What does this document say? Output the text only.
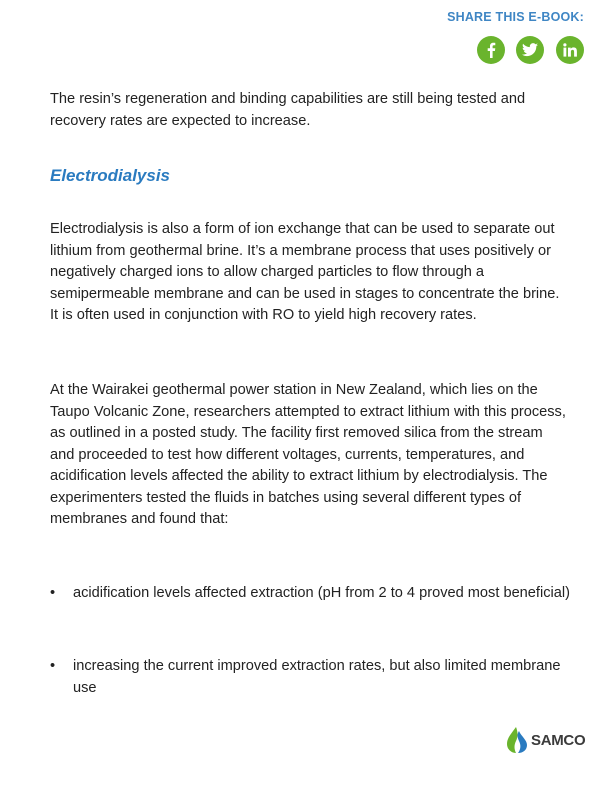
SHARE THIS E-BOOK:

The resin’s regeneration and binding capabilities are still being tested and recovery rates are expected to increase.

Electrodialysis

Electrodialysis is also a form of ion exchange that can be used to separate out lithium from geothermal brine. It’s a membrane process that uses positively or negatively charged ions to allow charged particles to flow through a semipermeable membrane and can be used in stages to concentrate the brine. It is often used in conjunction with RO to yield high recovery rates.

At the Wairakei geothermal power station in New Zealand, which lies on the Taupo Volcanic Zone, researchers attempted to extract lithium with this process, as outlined in a posted study. The facility first removed silica from the stream and proceeded to test how different voltages, currents, temperatures, and acidification levels affected the ability to extract lithium by electrodialysis. The experimenters tested the fluids in batches using several different types of membranes and found that:

• acidification levels affected extraction (pH from 2 to 4 proved most beneficial)
• increasing the current improved extraction rates, but also limited membrane use
SAMCO
